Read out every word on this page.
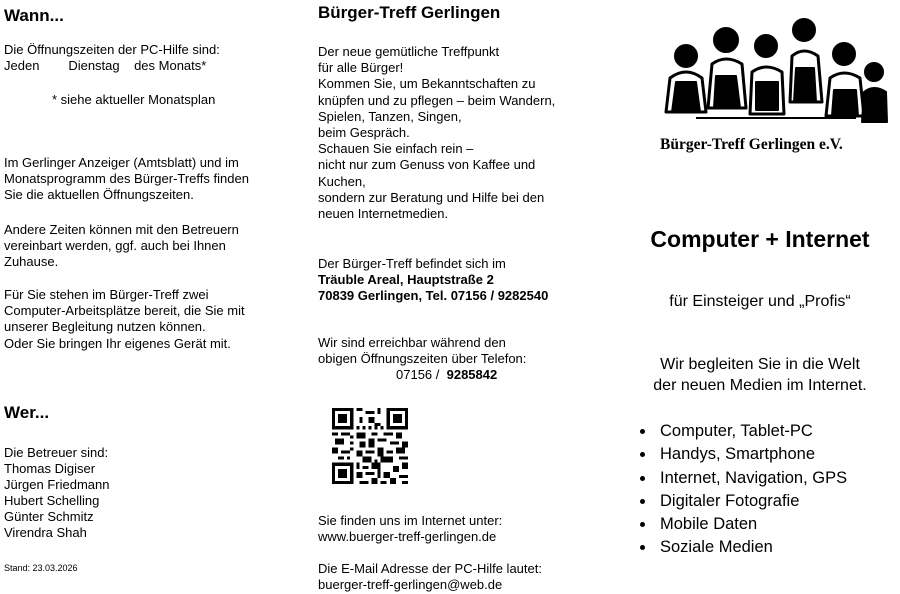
Wann...

Die Öffnungszeiten der PC-Hilfe sind:

Jeden        Dienstag    des Monats*

* siehe aktueller Monatsplan

Im Gerlinger Anzeiger (Amtsblatt) und im
Monatsprogramm des Bürger-Treffs finden
Sie die aktuellen Öffnungszeiten.

Andere Zeiten können mit den Betreuern
vereinbart werden, ggf. auch bei Ihnen
Zuhause.

Für Sie stehen im Bürger-Treff zwei
Computer-Arbeitsplätze bereit, die Sie mit
unserer Begleitung nutzen können.
Oder Sie bringen Ihr eigenes Gerät mit.

Wer...

Die Betreuer sind:

Thomas Digiser

Jürgen Friedmann

Hubert Schelling

Günter Schmitz

Virendra Shah

Stand: 23.03.2026
Bürger-Treff Gerlingen

Der neue gemütliche Treffpunkt
für alle Bürger!
Kommen Sie, um Bekanntschaften zu
knüpfen und zu pflegen – beim Wandern,
Spielen, Tanzen, Singen,
beim Gespräch.
Schauen Sie einfach rein –
nicht nur zum Genuss von Kaffee und
Kuchen,
sondern zur Beratung und Hilfe bei den
neuen Internetmedien.

Der Bürger-Treff befindet sich im

Träuble Areal, Hauptstraße 2

70839 Gerlingen, Tel. 07156 / 9282540

Wir sind erreichbar während den
obigen Öffnungszeiten über Telefon:

07156 /  9285842

Sie finden uns im Internet unter:

www.buerger-treff-gerlingen.de

Die E-Mail Adresse der PC-Hilfe lautet:

buerger-treff-gerlingen@web.de

Bürger-Treff Gerlingen e.V.
Computer + Internet
für Einsteiger und „Profis“
Wir begleiten Sie in die Welt
der neuen Medien im Internet.
• Computer, Tablet-PC
• Handys, Smartphone
• Internet, Navigation, GPS
• Digitaler Fotografie
• Mobile Daten
• Soziale Medien
